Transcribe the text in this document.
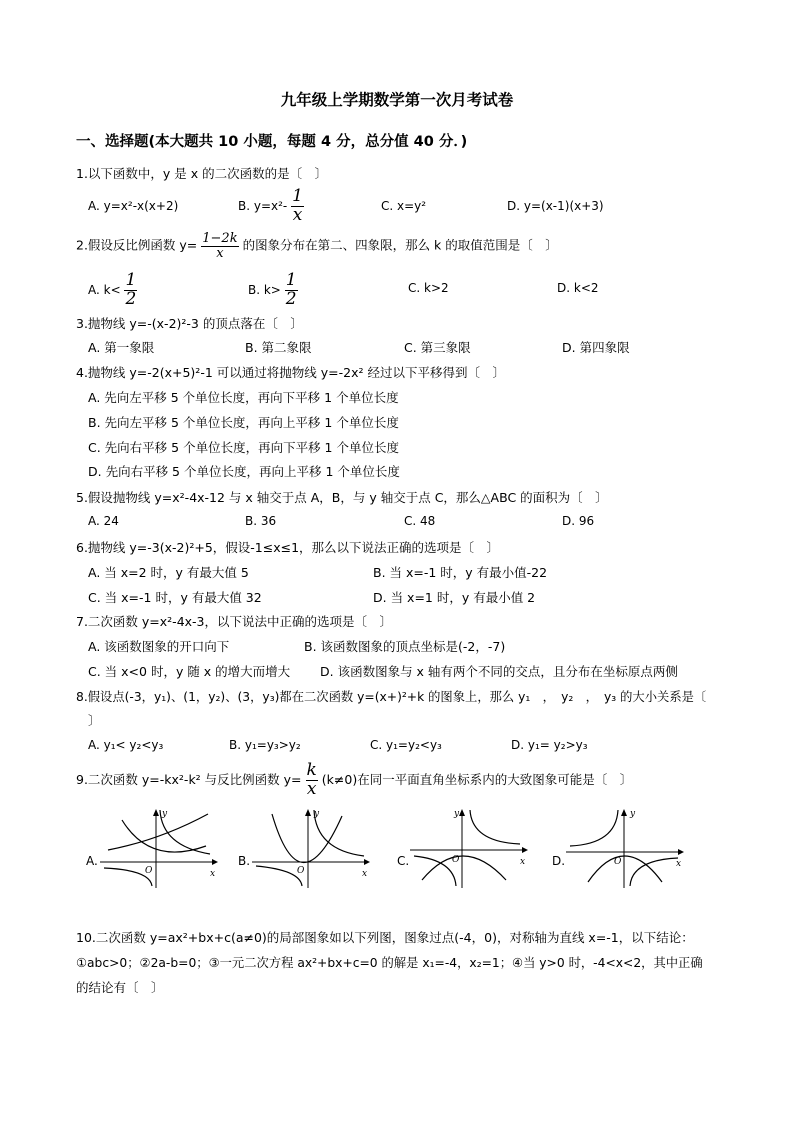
九年级上学期数学第一次月考试卷
一、选择题(本大题共 10 小题，每题 4 分，总分值 40 分．)
1.以下函数中，y 是 x 的二次函数的是〔　〕
A. y=x²-x(x+2)	B. $y=x^2- \frac{1}{x}$	C. x=y²	D. y=(x-1)(x+3)
2.假设反比例函数 $y= \frac{1-2k}{x}$ 的图象分布在第二、四象限，那么 k 的取值范围是〔　〕
A. $k< \frac{1}{2}$	B. $k> \frac{1}{2}$	C. k>2	D. k<2
3.抛物线 y=-(x-2)²-3 的顶点落在〔　〕
A. 第一象限	B. 第二象限	C. 第三象限	D. 第四象限
4.抛物线 y=-2(x+5)²-1 可以通过将抛物线 y=-2x² 经过以下平移得到〔　〕
A. 先向左平移 5 个单位长度，再向下平移 1 个单位长度
B. 先向左平移 5 个单位长度，再向上平移 1 个单位长度
C. 先向右平移 5 个单位长度，再向下平移 1 个单位长度
D. 先向右平移 5 个单位长度，再向上平移 1 个单位长度
5.假设抛物线 y=x²-4x-12 与 x 轴交于点 A，B，与 y 轴交于点 C，那么△ABC 的面积为〔　〕
A. 24	B. 36	C. 48	D. 96
6.抛物线 y=-3(x-2)²+5，假设-1≤x≤1，那么以下说法正确的选项是〔　〕
A. 当 x=2 时，y 有最大值 5	B. 当 x=-1 时，y 有最小值-22
C. 当 x=-1 时，y 有最大值 32	D. 当 x=1 时，y 有最小值 2
7.二次函数 y=x²-4x-3，以下说法中正确的选项是〔　〕
A. 该函数图象的开口向下	B. 该函数图象的顶点坐标是(-2，-7)
C. 当 x<0 时，y 随 x 的增大而增大 D. 该函数图象与 x 轴有两个不同的交点，且分布在坐标原点两侧
8.假设点(-3，y₁)、(1，y₂)、(3，y₃)都在二次函数 y=(x+)²+k 的图象上，那么 y₁　，　y₂　，　y₃ 的大小关系是〔
〕
A. y₁< y₂<y₃	B. y₁=y₃>y₂	C. y₁=y₂<y₃	D. y₁= y₂>y₃
9.二次函数 y=-kx²-k² 与反比例函数 $y= \frac{k}{x} (k\ne 0)$在同一平面直角坐标系内的大致图象可能是〔　〕
A.	B.	C.	D.
y
x
O
y
x
O
y
x
O
y
x
O
10.二次函数 y=ax²+bx+c(a≠0)的局部图象如以下列图，图象过点(-4，0)，对称轴为直线 x=-1，以下结论：
①abc>0；②2a-b=0；③一元二次方程 ax²+bx+c=0 的解是 x₁=-4，x₂=1；④当 y>0 时，-4<x<2，其中正确
的结论有〔　〕
